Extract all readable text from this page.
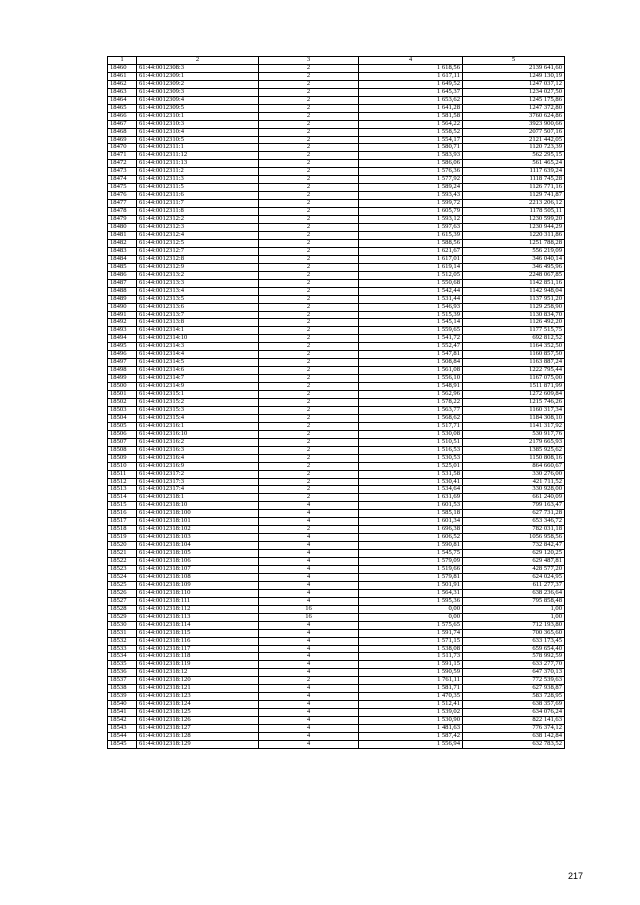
1	2	3	4	5
18460	61:44:0012308:3	2	1 618,56	2139 641,60
18461	61:44:0012309:1	2	1 617,11	1249 130,19
18462	61:44:0012309:2	2	1 649,52	1247 037,12
18463	61:44:0012309:3	2	1 645,37	1234 027,50
18464	61:44:0012309:4	2	1 653,62	1245 175,86
18465	61:44:0012309:5	2	1 641,28	1247 372,80
18466	61:44:0012310:1	2	1 581,58	3760 624,86
18467	61:44:0012310:3	2	1 564,22	3923 900,66
18468	61:44:0012310:4	2	1 558,52	2077 507,16
18469	61:44:0012310:5	2	1 554,17	2121 442,05
18470	61:44:0012311:1	2	1 580,71	1120 723,39
18471	61:44:0012311:12	2	1 583,93	562 295,15
18472	61:44:0012311:13	2	1 586,06	561 465,24
18473	61:44:0012311:2	2	1 576,36	1117 639,24
18474	61:44:0012311:3	2	1 577,92	1118 745,28
18475	61:44:0012311:5	2	1 589,24	1126 771,16
18476	61:44:0012311:6	2	1 593,43	1129 741,87
18477	61:44:0012311:7	2	1 599,72	2213 206,12
18478	61:44:0012311:8	2	1 605,79	1178 505,11
18479	61:44:0012312:2	2	1 593,12	1230 599,20
18480	61:44:0012312:3	2	1 597,63	1230 944,29
18481	61:44:0012312:4	2	1 615,39	1220 311,86
18482	61:44:0012312:5	2	1 588,56	1251 788,28
18483	61:44:0012312:7	2	1 621,67	556 219,09
18484	61:44:0012312:8	2	1 617,01	346 040,14
18485	61:44:0012312:9	2	1 619,14	346 495,96
18486	61:44:0012313:2	2	1 512,05	2248 067,85
18487	61:44:0012313:3	2	1 550,68	1142 851,16
18488	61:44:0012313:4	2	1 542,44	1142 948,04
18489	61:44:0012313:5	2	1 531,44	1137 951,20
18490	61:44:0012313:6	2	1 546,93	1129 258,90
18491	61:44:0012313:7	2	1 515,39	1130 834,70
18492	61:44:0012313:8	2	1 545,14	1126 492,20
18493	61:44:0012314:1	2	1 559,65	1177 515,75
18494	61:44:0012314:10	2	1 541,72	692 812,52
18495	61:44:0012314:3	2	1 552,47	1164 352,50
18496	61:44:0012314:4	2	1 547,81	1160 857,50
18497	61:44:0012314:5	2	1 508,84	1163 887,24
18498	61:44:0012314:6	2	1 561,08	1222 795,44
18499	61:44:0012314:7	2	1 556,10	1167 075,00
18500	61:44:0012314:9	2	1 548,91	1511 871,99
18501	61:44:0012315:1	2	1 562,96	1272 609,84
18502	61:44:0012315:2	2	1 578,22	1215 746,26
18503	61:44:0012315:3	2	1 563,77	1160 317,34
18504	61:44:0012315:4	2	1 568,62	1184 308,10
18505	61:44:0012316:1	2	1 517,71	1141 317,92
18506	61:44:0012316:10	2	1 530,08	530 917,76
18507	61:44:0012316:2	2	1 510,51	2179 665,93
18508	61:44:0012316:3	2	1 516,53	1385 925,62
18509	61:44:0012316:4	2	1 530,53	1150 808,16
18510	61:44:0012316:9	2	1 525,01	864 660,67
18511	61:44:0012317:2	2	1 531,58	330 276,00
18512	61:44:0012317:3	2	1 530,41	421 711,52
18513	61:44:0012317:4	2	1 534,64	330 928,00
18514	61:44:0012318:1	2	1 631,69	661 240,09
18515	61:44:0012318:10	4	1 601,53	799 163,47
18516	61:44:0012318:100	4	1 585,18	627 731,28
18517	61:44:0012318:101	4	1 601,34	653 346,72
18518	61:44:0012318:102	2	1 696,38	782 031,18
18519	61:44:0012318:103	4	1 606,52	1056 958,56
18520	61:44:0012318:104	4	1 590,81	732 842,47
18521	61:44:0012318:105	4	1 545,75	629 120,25
18522	61:44:0012318:106	4	1 579,09	629 487,81
18523	61:44:0012318:107	4	1 519,66	428 577,20
18524	61:44:0012318:108	4	1 579,81	624 024,95
18525	61:44:0012318:109	4	1 501,91	611 277,37
18526	61:44:0012318:110	4	1 564,31	638 236,64
18527	61:44:0012318:111	4	1 595,36	795 858,48
18528	61:44:0012318:112	16	0,00	1,00
18529	61:44:0012318:113	16	0,00	1,00
18530	61:44:0012318:114	4	1 575,65	712 193,80
18531	61:44:0012318:115	4	1 591,74	700 365,60
18532	61:44:0012318:116	4	1 571,15	633 173,45
18533	61:44:0012318:117	4	1 538,08	659 654,40
18534	61:44:0012318:118	4	1 511,73	578 992,59
18535	61:44:0012318:119	4	1 591,15	633 277,70
18536	61:44:0012318:12	4	1 590,59	647 370,13
18537	61:44:0012318:120	2	1 761,11	772 539,63
18538	61:44:0012318:121	4	1 581,71	627 938,87
18539	61:44:0012318:123	4	1 470,35	583 728,95
18540	61:44:0012318:124	4	1 512,41	638 357,69
18541	61:44:0012318:125	4	1 539,02	634 076,24
18542	61:44:0012318:126	4	1 530,90	822 141,63
18543	61:44:0012318:127	4	1 481,63	776 374,12
18544	61:44:0012318:128	4	1 587,42	638 142,84
18545	61:44:0012318:129	4	1 556,94	632 783,52
217
